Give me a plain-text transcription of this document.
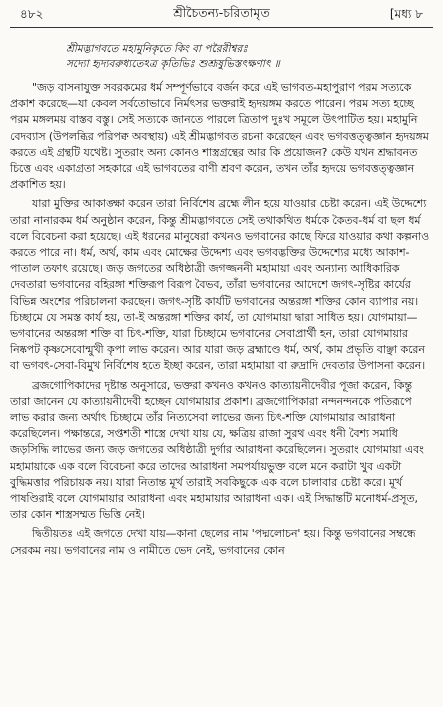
৪৮২	শ্রীচৈতন্য-চরিতামৃত	[মধ্য ৮
শ্রীমদ্ভাগবতে মহামুনিকৃতে কিং বা পরৈরীশ্বরঃ
সদ্যো হৃদ্যবরুধ্যতেঽত্র কৃতিভিঃ শুশ্রূষুভিস্তৎক্ষণাৎ ॥

"জড় বাসনাযুক্ত সবরকমের ধর্ম সম্পূর্ণভাবে বর্জন করে এই ভাগবত-মহাপুরাণ পরম সত্যকে প্রকাশ করেছে—যা কেবল সর্বতোভাবে নির্মৎসর ভক্তরাই হৃদয়ঙ্গম করতে পারেন। পরম সত্য হচ্ছে পরম মঙ্গলময় বাস্তব বস্তু। সেই সত্যকে জানতে পারলে ত্রিতাপ দুঃখ সমূলে উৎপাটিত হয়। মহামুনি বেদব্যাস (উপলব্ধির পরিপক্ব অবস্থায়) এই শ্রীমদ্ভাগবত রচনা করেছেন এবং ভগবত্তত্ত্বজ্ঞান হৃদয়ঙ্গম করতে এই গ্রন্থটি যথেষ্ট। সুতরাং অন্য কোনও শাস্ত্রগ্রন্থের আর কি প্রয়োজন? কেউ যখন শ্রদ্ধাবনত চিত্তে এবং একাগ্রতা সহকারে এই ভাগবতের বাণী শ্রবণ করেন, তখন তাঁর হৃদয়ে ভগবত্তত্ত্বজ্ঞান প্রকাশিত হয়।

যারা মুক্তির আকাঙ্ক্ষা করেন তারা নির্বিশেষ ব্রহ্মে লীন হয়ে যাওয়ার চেষ্টা করেন। এই উদ্দেশ্যে তারা নানারকম ধর্ম অনুষ্ঠান করেন, কিন্তু শ্রীমদ্ভাগবতে সেই তথাকথিত ধর্মকে কৈতব-ধর্ম বা ছল ধর্ম বলে বিবেচনা করা হয়েছে। এই ধরনের মানুষেরা কখনও ভগবানের কাছে ফিরে যাওয়ার কথা কল্পনাও করতে পারে না। ধর্ম, অর্থ, কাম এবং মোক্ষের উদ্দেশ্য এবং ভগবদ্ভক্তির উদ্দেশ্যের মধ্যে আকাশ-পাতাল তফাৎ রয়েছে। জড় জগতের অধিষ্ঠাত্রী জগজ্জননী মহামায়া এবং অন্যান্য আধিকারিক দেবতারা ভগবানের বহিরঙ্গা শক্তিরূপ বিরূপ বৈভব, তাঁরা ভগবানের আদেশে জগৎ-সৃষ্টির কার্যের বিভিন্ন অংশের পরিচালনা করছেন। জগৎ-সৃষ্টি কার্যটি ভগবানের অন্তরঙ্গা শক্তির কোন ব্যাপার নয়। চিচ্ছামে যে সমস্ত কার্য হয়, তা-ই অন্তরঙ্গা শক্তির কার্য, তা যোগমায়া দ্বারা সাধিত হয়। যোগমায়া—ভগবানের অন্তরঙ্গা শক্তি বা চিৎ-শক্তি, যারা চিচ্ছামে ভগবানের সেবাপ্রার্থী হন, তারা যোগমায়ার নিষ্কপট কৃষ্ণসেবোন্মুখী কৃপা লাভ করেন। আর যারা জড় ব্রহ্মাণ্ডে ধর্ম, অর্থ, কাম প্রভৃতি বাঞ্ছা করেন বা ভগবৎ-সেবা-বিমুখ নির্বিশেষ হতে ইচ্ছা করেন, তারা মহামায়া বা রুদ্রাদি দেবতার উপাসনা করেন।

ব্রজগোপিকাদের দৃষ্টান্ত অনুসারে, ভক্তরা কখনও কখনও কাত্যায়নীদেবীর পূজা করেন, কিন্তু তারা জানেন যে কাত্যায়নীদেবী হচ্ছেন যোগমায়ার প্রকাশ। ব্রজগোপিকারা নন্দনন্দনকে পতিরূপে লাভ করার জন্য অর্থাৎ চিচ্ছামে তাঁর নিত্যসেবা লাভের জন্য চিৎ-শক্তি যোগমায়ার আরাধনা করেছিলেন। পক্ষান্তরে, সপ্তশতী শাস্ত্রে দেখা যায় যে, ক্ষত্রিয় রাজা সুরথ এবং ধনী বৈশ্য সমাধি জড়সিদ্ধি লাভের জন্য জড় জগতের অধিষ্ঠাত্রী দুর্গার আরাধনা করেছিলেন। সুতরাং যোগমায়া এবং মহামায়াকে এক বলে বিবেচনা করে তাদের আরাধনা সমপর্যায়ভুক্ত বলে মনে করাটা খুব একটা বুদ্ধিমত্তার পরিচায়ক নয়। যারা নিতান্ত মূর্খ তারাই সবকিছুকে এক বলে চালাবার চেষ্টা করে। মূর্খ পাষণ্ডিরাই বলে যোগমায়ার আরাধনা এবং মহামায়ার আরাধনা এক। এই সিদ্ধান্তটি মনোধর্ম-প্রসূত, তার কোন শাস্ত্রসম্মত ভিত্তি নেই।

দ্বিতীয়তঃ এই জগতে দেখা যায়—কানা ছেলের নাম 'পদ্মলোচন' হয়। কিন্তু ভগবানের সম্বন্ধে সেরকম নয়। ভগবানের নাম ও নামীতে ভেদ নেই, ভগবানের কোন
